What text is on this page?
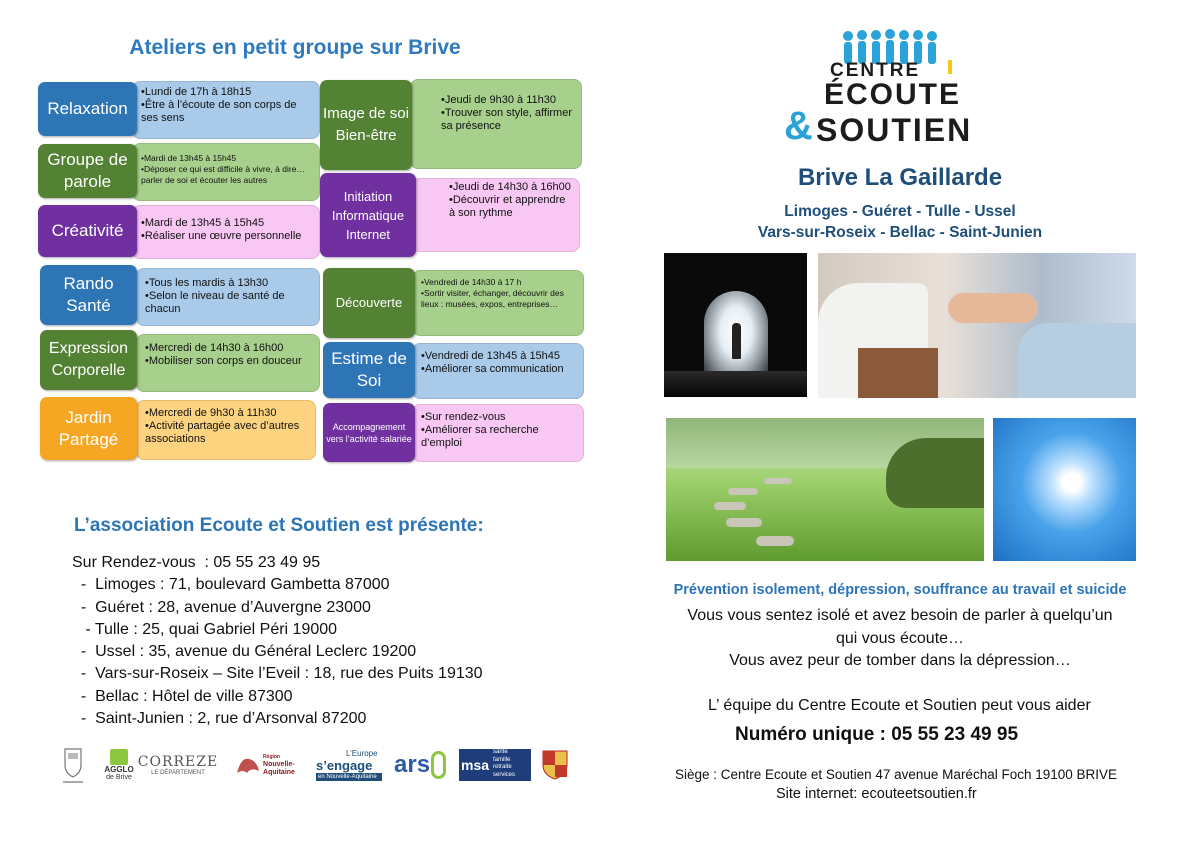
Ateliers en petit groupe sur Brive

•Lundi de 17h à 18h15

•Être à l’écoute de son corps de ses sens

Relaxation

•Mardi de 13h45 à 15h45

•Déposer ce qui est difficile à vivre, à dire…parler de soi et écouter les autres

Groupe de parole

•Mardi de 13h45 à 15h45

•Réaliser une œuvre personnelle

Créativité

•Tous les mardis à 13h30

•Selon le niveau de santé de chacun

Rando Santé

•Mercredi de 14h30 à 16h00

•Mobiliser son corps en douceur

Expression Corporelle

•Mercredi de 9h30 à 11h30

•Activité partagée avec d’autres associations

Jardin Partagé

•Jeudi de 9h30 à 11h30

•Trouver son style, affirmer sa présence

Image de soi Bien-être

•Jeudi de 14h30 à 16h00

•Découvrir et apprendre à son rythme

Initiation Informatique Internet

•Vendredi de 14h30 à 17 h

•Sortir visiter, échanger, découvrir des lieux : musées, expos, entreprises…

Découverte

•Vendredi de 13h45 à 15h45

•Améliorer sa communication

Estime de Soi

•Sur rendez-vous

•Améliorer sa recherche d’emploi

Accompagnement vers l’activité salariée
L’association Ecoute et Soutien est présente:
Sur Rendez-vous  : 05 55 23 49 95
-  Limoges : 71, boulevard Gambetta 87000
-  Guéret : 28, avenue d’Auvergne 23000
- Tulle : 25, quai Gabriel Péri 19000
-  Ussel : 35, avenue du Général Leclerc 19200
-  Vars-sur-Roseix – Site l’Eveil : 18, rue des Puits 19130
-  Bellac : Hôtel de ville 87300
-  Saint-Junien : 2, rue d’Arsonval 87200
AGGLO
de Brive
CORREZE
LE DÉPARTEMENT
Région
Nouvelle-
Aquitaine
L’Europe
s’engage
en Nouvelle-Aquitaine ars msa
santé
famille
retraite
services
CENTRE
ÉCOUTE
& SOUTIEN
Brive La Gaillarde
Limoges - Guéret - Tulle - Ussel
Vars-sur-Roseix - Bellac - Saint-Junien
Prévention isolement, dépression, souffrance au travail et suicide
Vous vous sentez isolé et avez besoin de parler à quelqu’un
qui vous écoute…
Vous avez peur de tomber dans la dépression…
L’ équipe du Centre Ecoute et Soutien peut vous aider
Numéro unique : 05 55 23 49 95
Siège : Centre Ecoute et Soutien 47 avenue Maréchal Foch 19100 BRIVE
Site internet: ecouteetsoutien.fr
